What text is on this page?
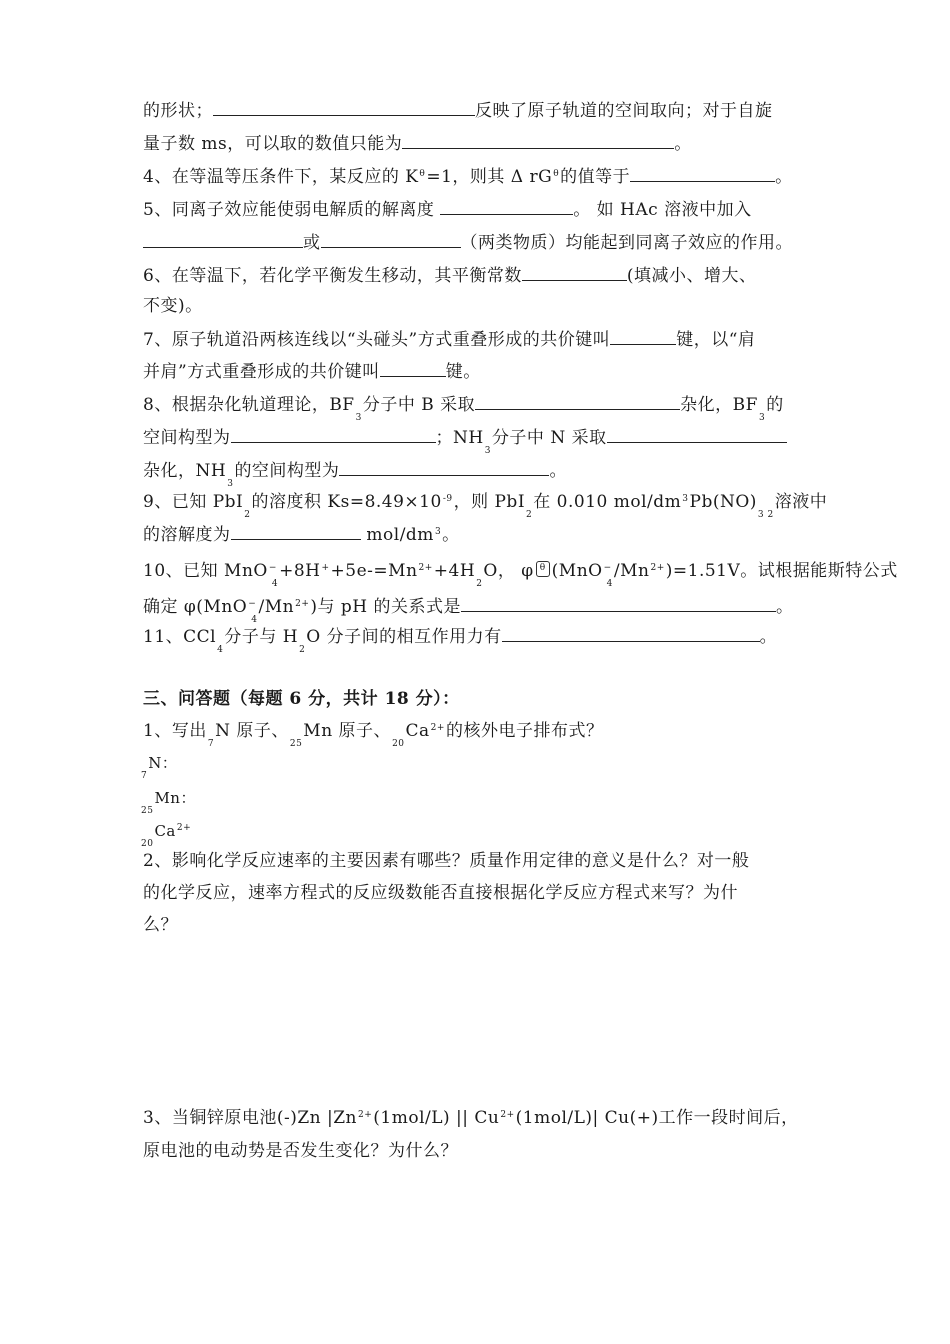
的形状；	反映了原子轨道的空间取向；对于自旋
量子数 ms，可以取的数值只能为	。
4、在等温等压条件下，某反应的 $K^\theta=1$，则其 Δ $rG^\theta$的值等于	。
5、同离子效应能使弱电解质的解离度	。 如 HAc 溶液中加入
或	（两类物质）均能起到同离子效应的作用。
6、在等温下，若化学平衡发生移动，其平衡常数	(填减小、增大、
不变)。
7、原子轨道沿两核连线以“头碰头”方式重叠形成的共价键叫	键，以“肩
并肩”方式重叠形成的共价键叫	键。
8、根据杂化轨道理论，$BF_3$分子中 B 采取	杂化，$BF_3$的
空间构型为	；$NH_3$分子中 N 采取
杂化，$NH_3$的空间构型为	。
9、已知 PbI$_2$的溶度积 $Ks=8.49\times 10^{-9}$，则 PbI$_2$在 0.010 mol/$dm^3Pb(NO)_{3 2}$溶液中
的溶解度为	mol/$dm^3$。
10、已知 $MnO^-_4+8H^++5e-=Mn^{2+}+4H_2O$， φ θ $(MnO^-_4/Mn^{2+})=1.51V$。试根据能斯特公式
确定 $\varphi(MnO^-_4/Mn^{2+})$与 pH 的关系式是	。
11、CCl$_4$分子与 $H_2O$ 分子间的相互作用力有	。
三、问答题（每题 6 分，共计 18 分）：
1、写出$_7$N 原子、$_{25}$Mn 原子、$_{20}Ca^{2+}$的核外电子排布式？
$_7$N：
$_{25}$Mn：
$_{20}Ca^{2+}$
2、影响化学反应速率的主要因素有哪些？质量作用定律的意义是什么？对一般
的化学反应，速率方程式的反应级数能否直接根据化学反应方程式来写？为什
么？
3、当铜锌原电池(-)Zn $|Zn^{2+}(1mol/L)$ || $Cu^{2+}(1mol/L)|$ Cu(+)工作一段时间后，
原电池的电动势是否发生变化？为什么？
